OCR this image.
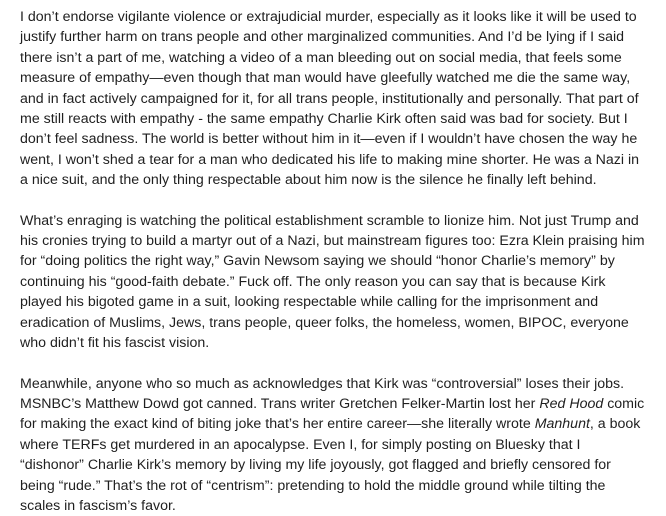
I don’t endorse vigilante violence or extrajudicial murder, especially as it looks like it will be used to justify further harm on trans people and other marginalized communities. And I’d be lying if I said there isn’t a part of me, watching a video of a man bleeding out on social media, that feels some measure of empathy—even though that man would have gleefully watched me die the same way, and in fact actively campaigned for it, for all trans people, institutionally and personally. That part of me still reacts with empathy - the same empathy Charlie Kirk often said was bad for society. But I don’t feel sadness. The world is better without him in it—even if I wouldn’t have chosen the way he went, I won’t shed a tear for a man who dedicated his life to making mine shorter. He was a Nazi in a nice suit, and the only thing respectable about him now is the silence he finally left behind.

What’s enraging is watching the political establishment scramble to lionize him. Not just Trump and his cronies trying to build a martyr out of a Nazi, but mainstream figures too: Ezra Klein praising him for “doing politics the right way,” Gavin Newsom saying we should “honor Charlie’s memory” by continuing his “good-faith debate.” Fuck off. The only reason you can say that is because Kirk played his bigoted game in a suit, looking respectable while calling for the imprisonment and eradication of Muslims, Jews, trans people, queer folks, the homeless, women, BIPOC, everyone who didn’t fit his fascist vision.

Meanwhile, anyone who so much as acknowledges that Kirk was “controversial” loses their jobs. MSNBC’s Matthew Dowd got canned. Trans writer Gretchen Felker-Martin lost her Red Hood comic for making the exact kind of biting joke that’s her entire career—she literally wrote Manhunt, a book where TERFs get murdered in an apocalypse. Even I, for simply posting on Bluesky that I “dishonor” Charlie Kirk’s memory by living my life joyously, got flagged and briefly censored for being “rude.” That’s the rot of “centrism”: pretending to hold the middle ground while tilting the scales in fascism’s favor.
